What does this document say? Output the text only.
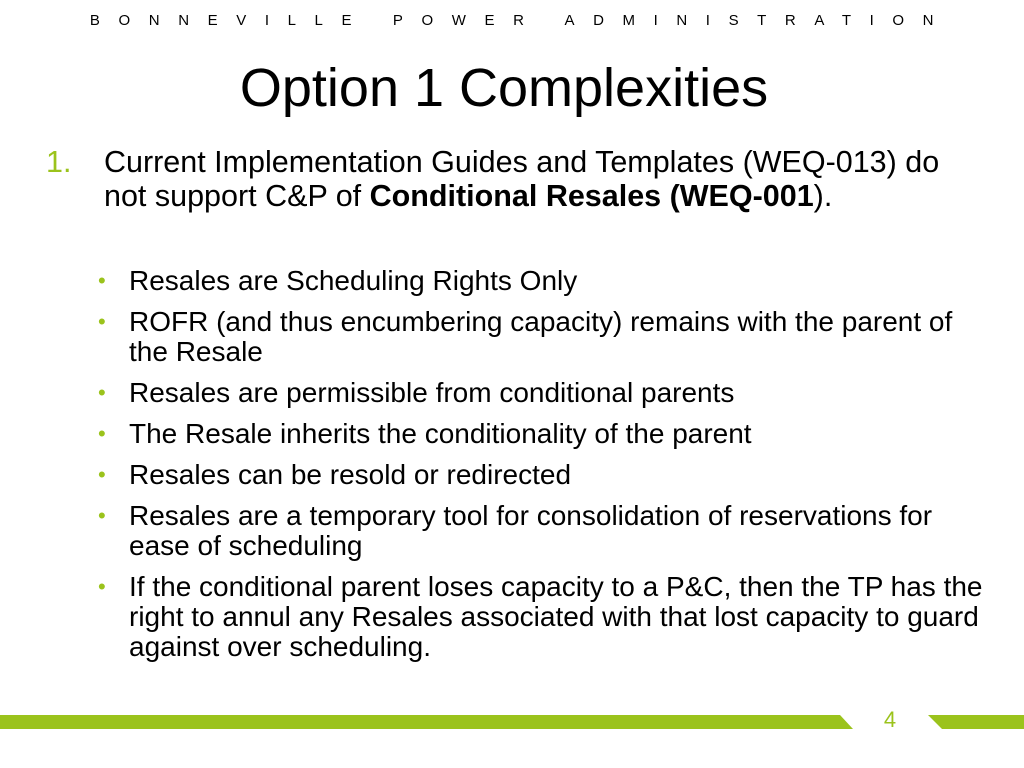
BONNEVILLE POWER ADMINISTRATION
Option 1 Complexities
1. Current Implementation Guides and Templates (WEQ-013) do not support C&P of Conditional Resales (WEQ-001).
• Resales are Scheduling Rights Only
• ROFR (and thus encumbering capacity) remains with the parent of the Resale
• Resales are permissible from conditional parents
• The Resale inherits the conditionality of the parent
• Resales can be resold or redirected
• Resales are a temporary tool for consolidation of reservations for ease of scheduling
• If the conditional parent loses capacity to a P&C, then the TP has the right to annul any Resales associated with that lost capacity to guard against over scheduling.
4
